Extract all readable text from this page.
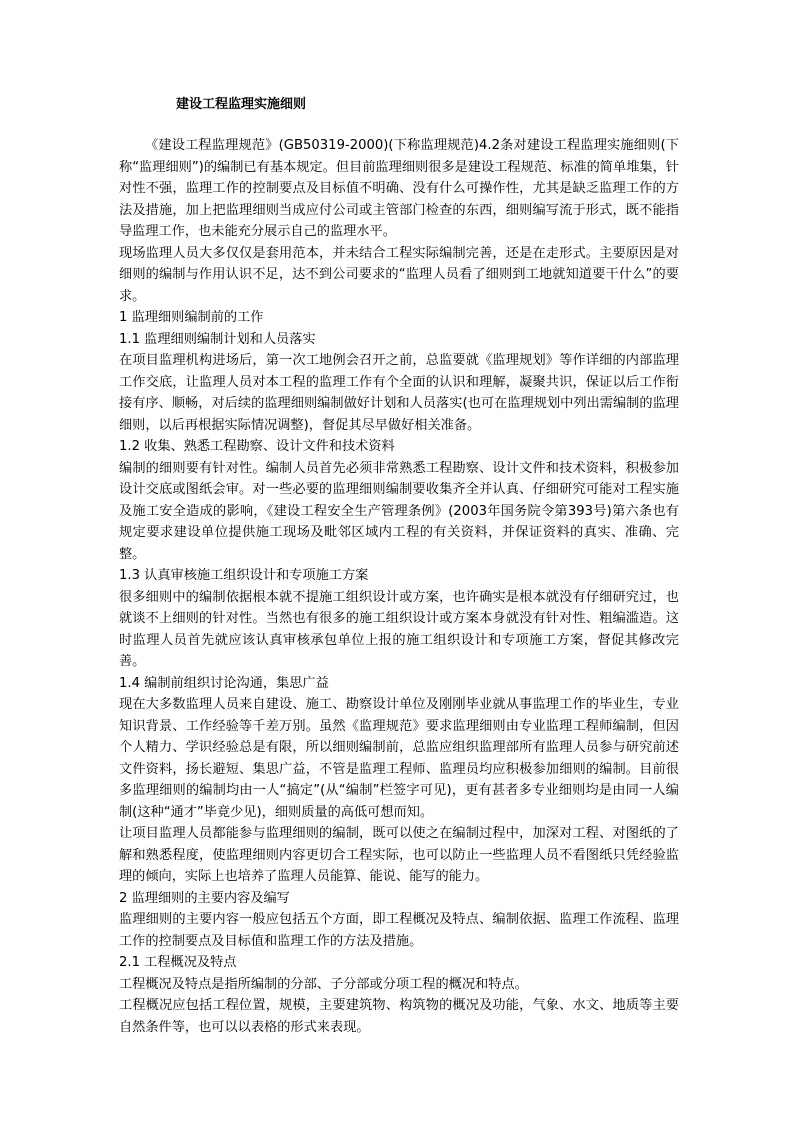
建设工程监理实施细则

《建设工程监理规范》(GB50319-2000)(下称监理规范)4.2条对建设工程监理实施细则(下称“监理细则”)的编制已有基本规定。但目前监理细则很多是建设工程规范、标准的简单堆集，针对性不强，监理工作的控制要点及目标值不明确、没有什么可操作性，尤其是缺乏监理工作的方法及措施，加上把监理细则当成应付公司或主管部门检查的东西，细则编写流于形式，既不能指导监理工作，也未能充分展示自己的监理水平。

现场监理人员大多仅仅是套用范本，并未结合工程实际编制完善，还是在走形式。主要原因是对细则的编制与作用认识不足，达不到公司要求的“监理人员看了细则到工地就知道要干什么”的要求。

1 监理细则编制前的工作

1.1 监理细则编制计划和人员落实

在项目监理机构进场后，第一次工地例会召开之前，总监要就《监理规划》等作详细的内部监理工作交底，让监理人员对本工程的监理工作有个全面的认识和理解，凝聚共识，保证以后工作衔接有序、顺畅，对后续的监理细则编制做好计划和人员落实(也可在监理规划中列出需编制的监理细则，以后再根据实际情况调整)，督促其尽早做好相关准备。

1.2 收集、熟悉工程勘察、设计文件和技术资料

编制的细则要有针对性。编制人员首先必须非常熟悉工程勘察、设计文件和技术资料，积极参加设计交底或图纸会审。对一些必要的监理细则编制要收集齐全并认真、仔细研究可能对工程实施及施工安全造成的影响，《建设工程安全生产管理条例》(2003年国务院令第393号)第六条也有规定要求建设单位提供施工现场及毗邻区域内工程的有关资料，并保证资料的真实、准确、完整。

1.3 认真审核施工组织设计和专项施工方案

很多细则中的编制依据根本就不提施工组织设计或方案，也许确实是根本就没有仔细研究过，也就谈不上细则的针对性。当然也有很多的施工组织设计或方案本身就没有针对性、粗编滥造。这时监理人员首先就应该认真审核承包单位上报的施工组织设计和专项施工方案，督促其修改完善。

1.4 编制前组织讨论沟通，集思广益

现在大多数监理人员来自建设、施工、勘察设计单位及刚刚毕业就从事监理工作的毕业生，专业知识背景、工作经验等千差万别。虽然《监理规范》要求监理细则由专业监理工程师编制，但因个人精力、学识经验总是有限，所以细则编制前，总监应组织监理部所有监理人员参与研究前述文件资料，扬长避短、集思广益，不管是监理工程师、监理员均应积极参加细则的编制。目前很多监理细则的编制均由一人“搞定”(从“编制”栏签字可见)，更有甚者多专业细则均是由同一人编制(这种“通才”毕竟少见)，细则质量的高低可想而知。

让项目监理人员都能参与监理细则的编制，既可以使之在编制过程中，加深对工程、对图纸的了解和熟悉程度，使监理细则内容更切合工程实际，也可以防止一些监理人员不看图纸只凭经验监理的倾向，实际上也培养了监理人员能算、能说、能写的能力。

2 监理细则的主要内容及编写

监理细则的主要内容一般应包括五个方面，即工程概况及特点、编制依据、监理工作流程、监理工作的控制要点及目标值和监理工作的方法及措施。

2.1 工程概况及特点

工程概况及特点是指所编制的分部、子分部或分项工程的概况和特点。

工程概况应包括工程位置，规模，主要建筑物、构筑物的概况及功能，气象、水文、地质等主要自然条件等，也可以以表格的形式来表现。
